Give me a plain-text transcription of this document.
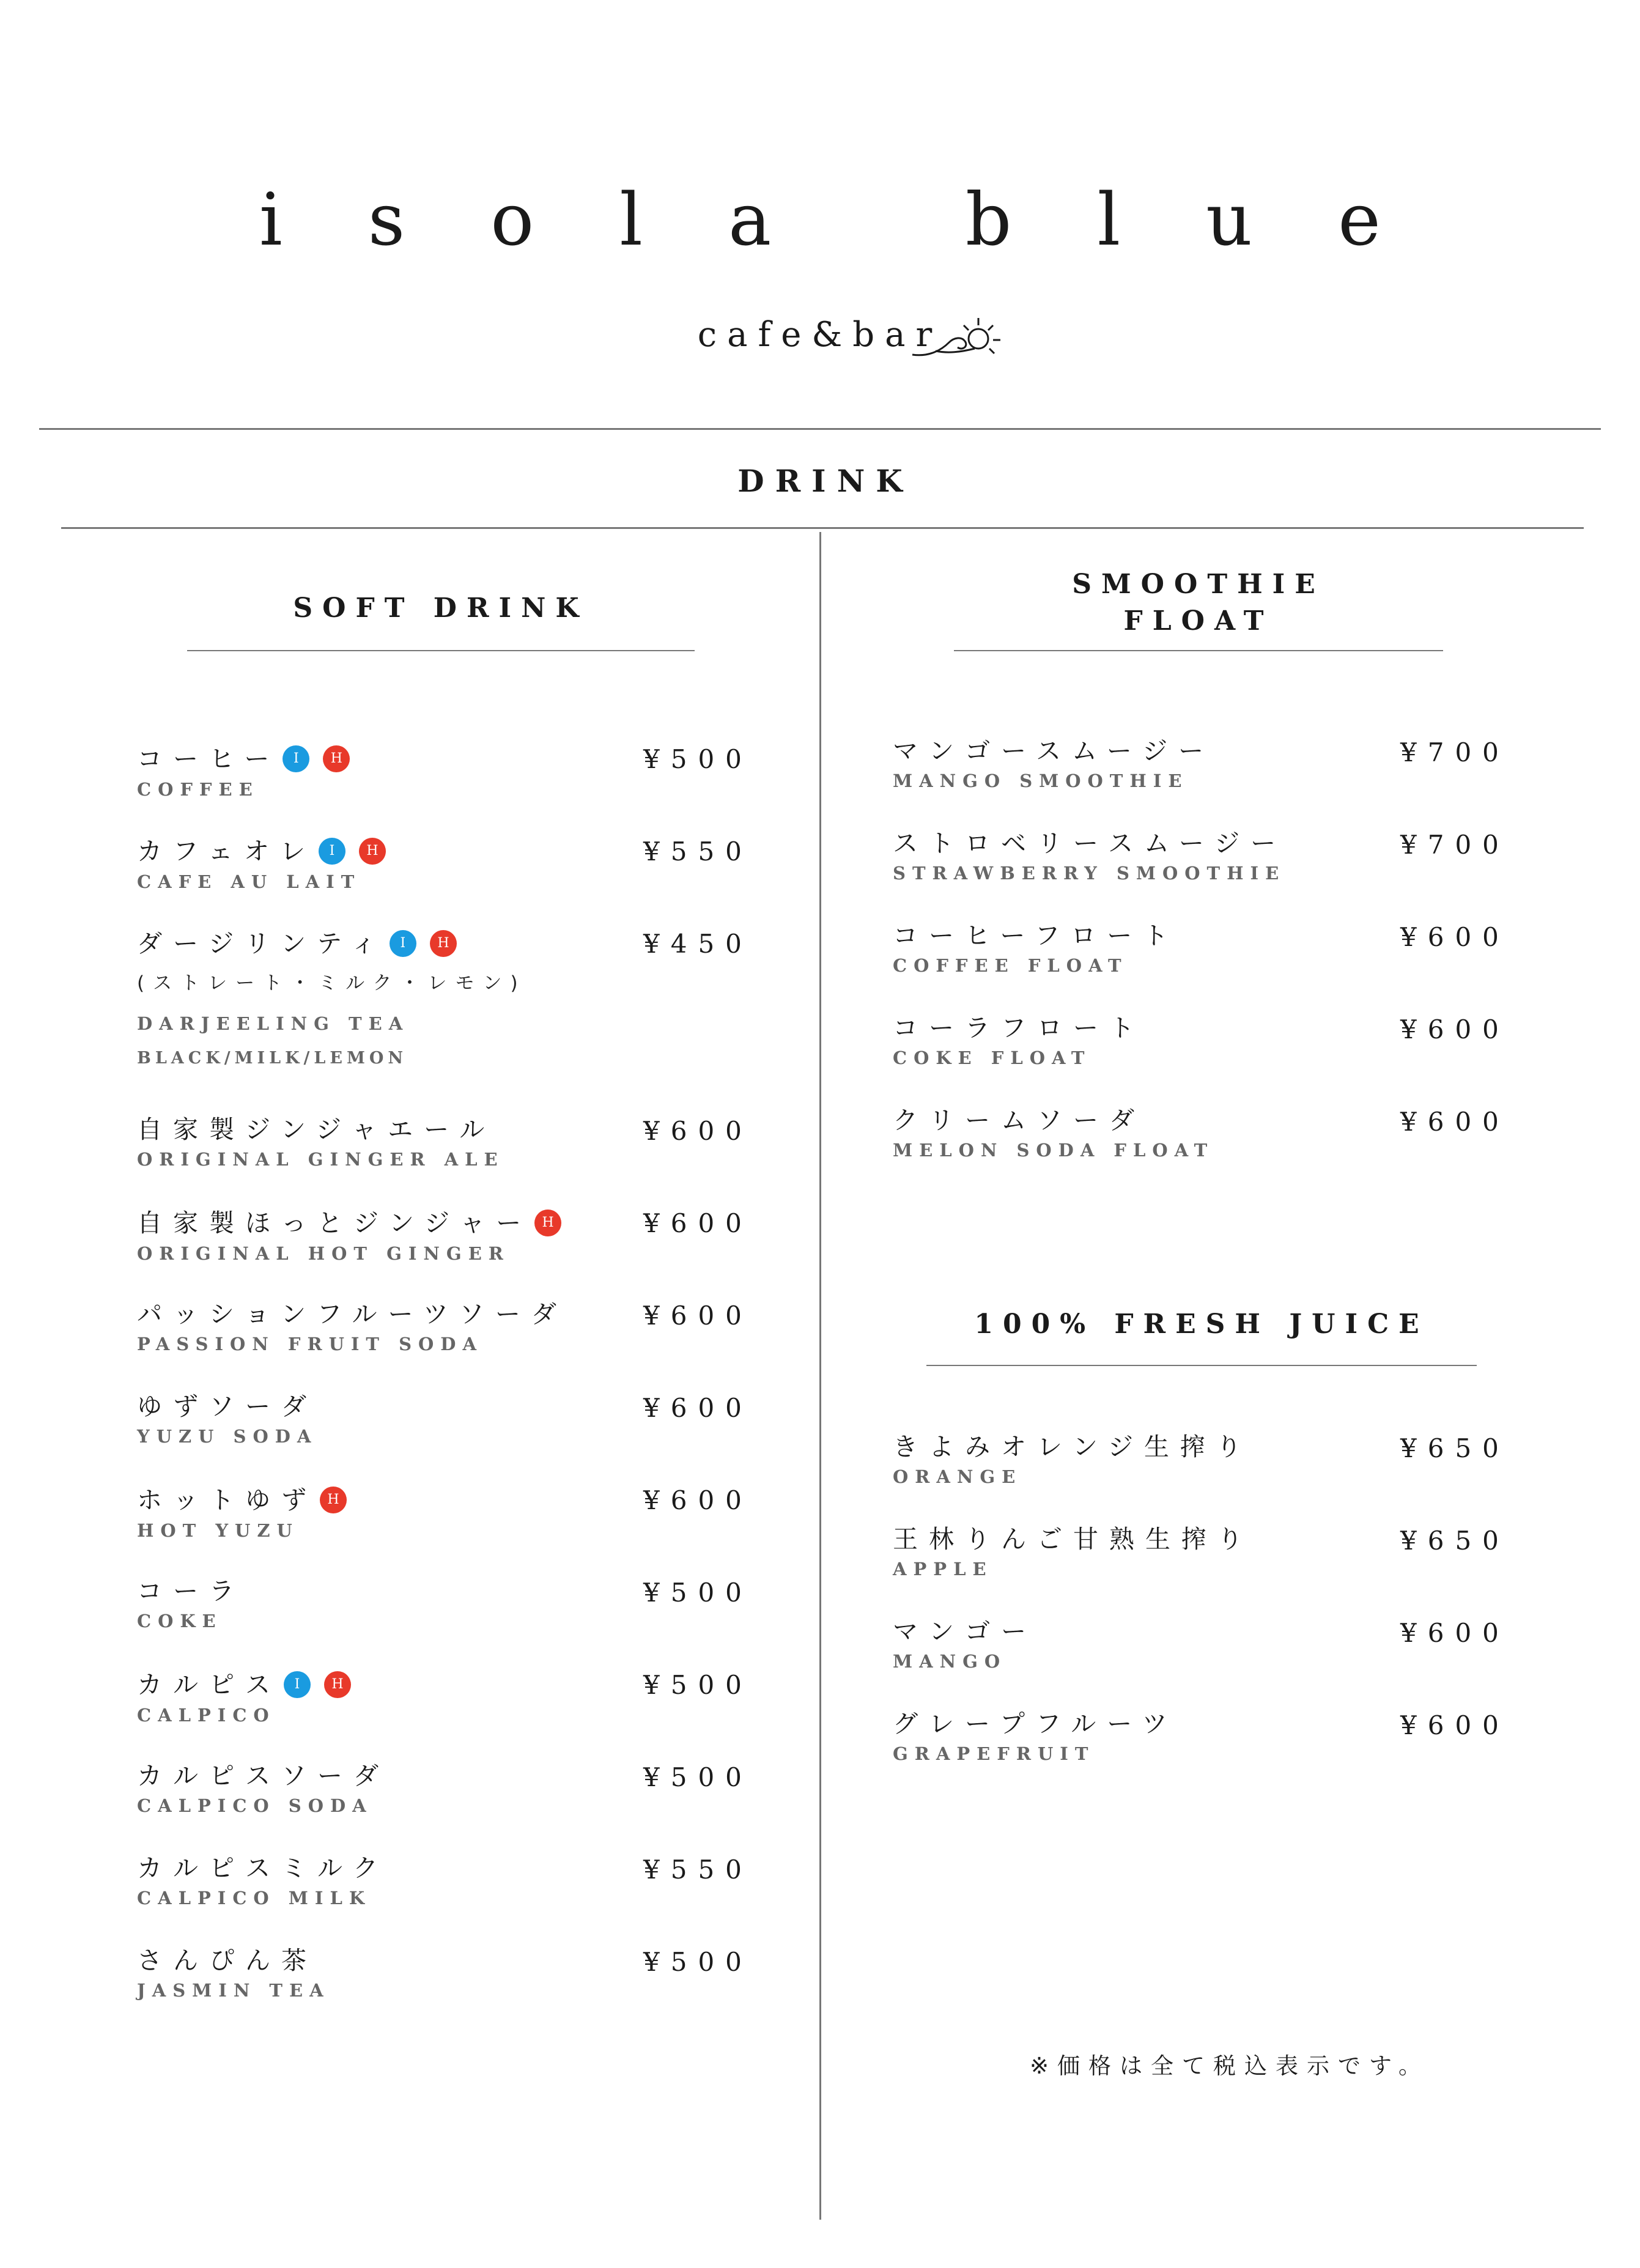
isola blue
cafe&bar
DRINK
SOFT DRINK
コーヒー I	H
COFFEE
¥500
カフェオレ I	H
CAFE AU LAIT
¥550
ダージリンティ I	H
(ストレート・ミルク・レモン)
DARJEELING TEA
BLACK/MILK/LEMON
¥450
自家製ジンジャエール
ORIGINAL GINGER ALE
¥600
自家製ほっとジンジャー H
ORIGINAL HOT GINGER
¥600
パッションフルーツソーダ
PASSION FRUIT SODA
¥600
ゆずソーダ
YUZU SODA
¥600
ホットゆず H
HOT YUZU
¥600
コーラ
COKE
¥500
カルピス I	H
CALPICO
¥500
カルピスソーダ
CALPICO SODA
¥500
カルピスミルク
CALPICO MILK
¥550
さんぴん茶
JASMIN TEA
¥500
SMOOTHIE
FLOAT
マンゴースムージー
MANGO SMOOTHIE
¥700
ストロベリースムージー
STRAWBERRY SMOOTHIE
¥700
コーヒーフロート
COFFEE FLOAT
¥600
コーラフロート
COKE FLOAT
¥600
クリームソーダ
MELON SODA FLOAT
¥600
100% FRESH JUICE
きよみオレンジ生搾り
ORANGE
¥650
王林りんご甘熟生搾り
APPLE
¥650
マンゴー
MANGO
¥600
グレープフルーツ
GRAPEFRUIT
¥600
※価格は全て税込表示です。
